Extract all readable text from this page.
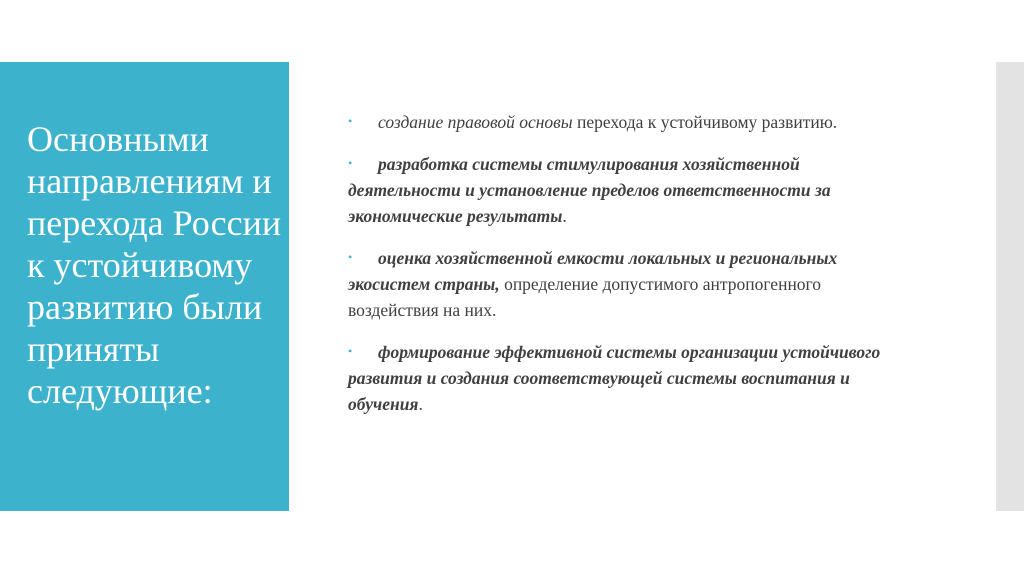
Основными направлениям и перехода России к устойчивому развитию были приняты следующие:
• создание правовой основы перехода к устойчивому развитию.
• разработка системы стимулирования хозяйственной деятельности и установление пределов ответственности за экономические результаты.
• оценка хозяйственной емкости локальных и региональных экосистем страны, определение допустимого антропогенного воздействия на них.
• формирование эффективной системы организации устойчивого развития и создания соответствующей системы воспитания и обучения.
